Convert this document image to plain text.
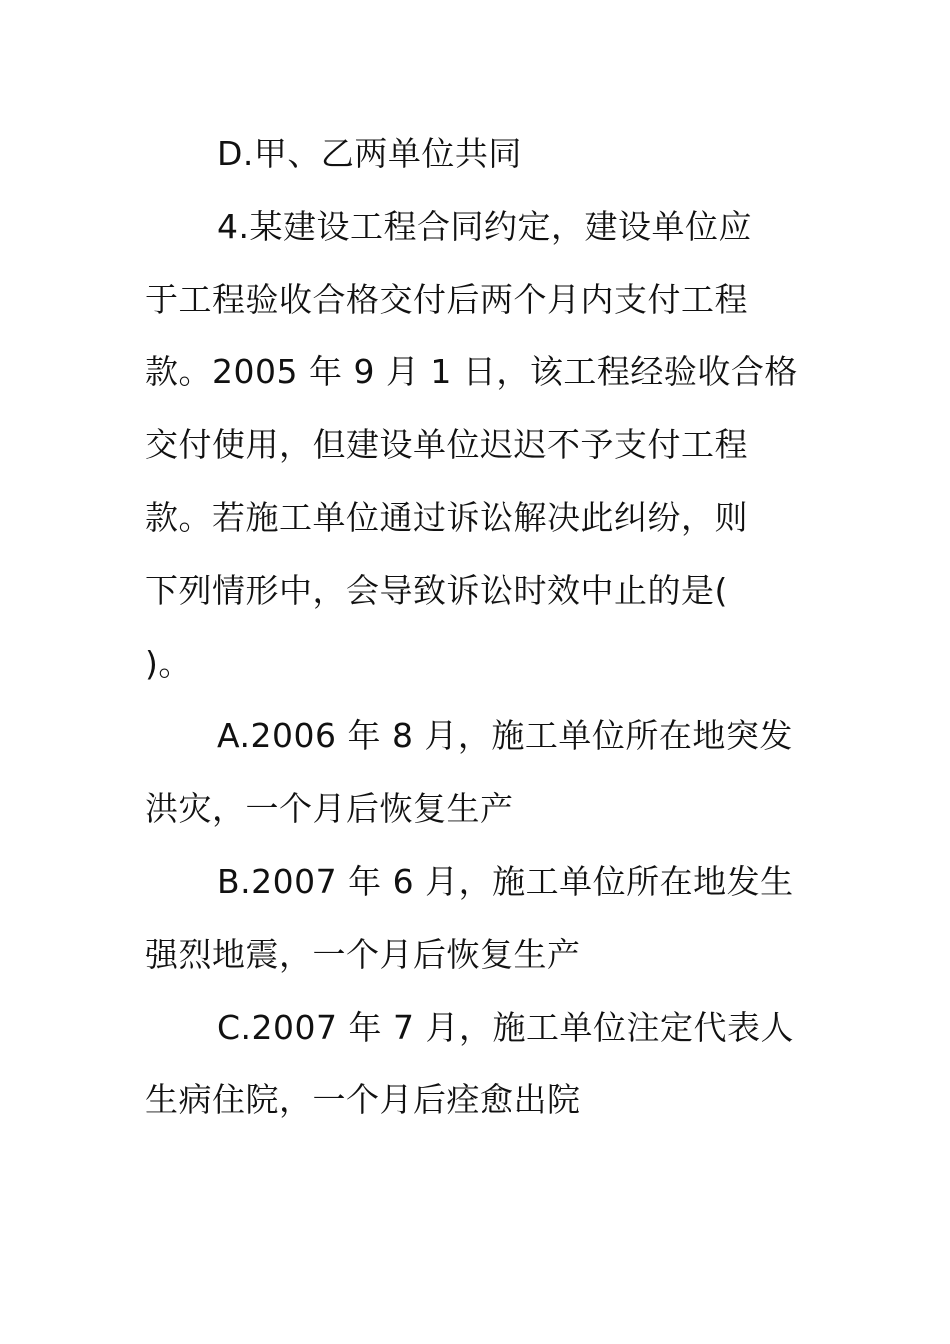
D.甲、乙两单位共同
4.某建设工程合同约定，建设单位应
于工程验收合格交付后两个月内支付工程
款。2005 年 9 月 1 日，该工程经验收合格
交付使用，但建设单位迟迟不予支付工程
款。若施工单位通过诉讼解决此纠纷，则
下列情形中，会导致诉讼时效中止的是(
)。
A.2006 年 8 月，施工单位所在地突发
洪灾，一个月后恢复生产
B.2007 年 6 月，施工单位所在地发生
强烈地震，一个月后恢复生产
C.2007 年 7 月，施工单位注定代表人
生病住院，一个月后痊愈出院
